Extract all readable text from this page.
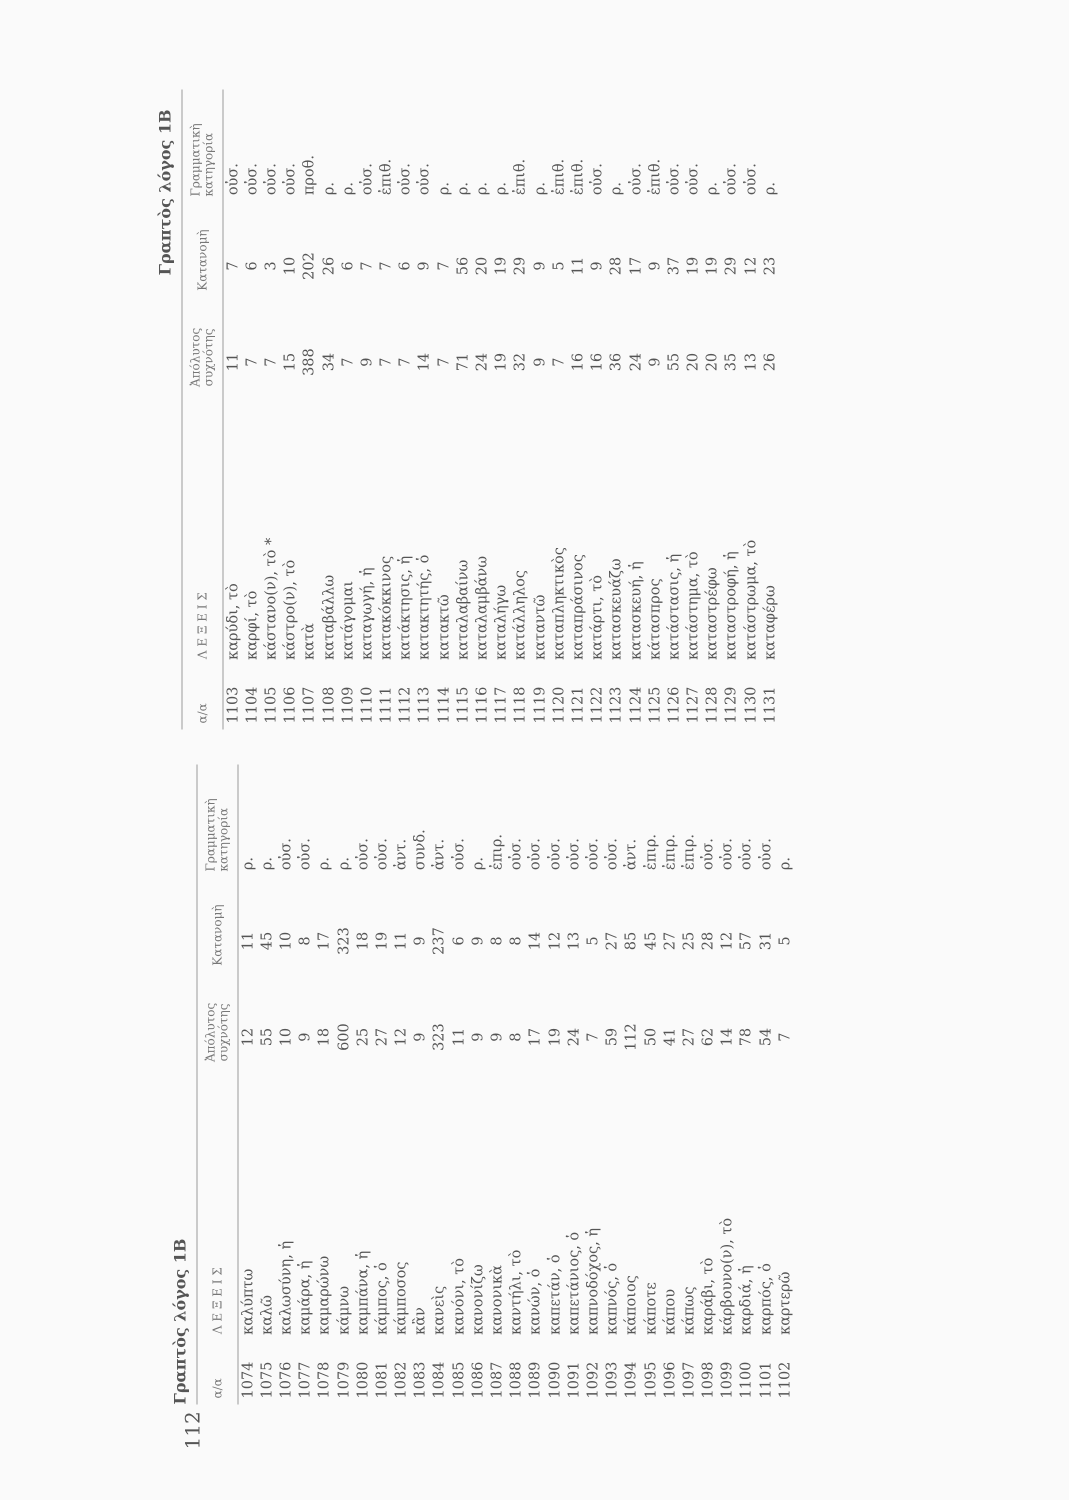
112
Γραπτὸς λόγος 1Β α/α
Λ Ε Ξ Ε Ι Σ
Ἀπόλυτος συχνότης
Κατανομὴ
Γραμματικὴ κατηγορία
1074
καλύπτω
12
11
ρ.
1075
καλῶ
55
45
ρ.
1076
καλωσύνη, ἡ
10
10
οὐσ.
1077
καμάρα, ἡ
9
8
οὐσ.
1078
καμαρώνω
18
17
ρ.
1079
κάμνω
600
323
ρ.
1080
καμπάνα, ἡ
25
18
οὐσ.
1081
κάμπος, ὁ
27
19
οὐσ.
1082
κάμποσος
12
11
ἀντ.
1083
κἂν
9
9
συνδ.
1084
κανεὶς
323
237
ἀντ.
1085
κανόνι, τὸ
11
6
οὐσ.
1086
κανονίζω
9
9
ρ.
1087
κανονικὰ
9
8
ἐπιρ.
1088
καντήλι, τὸ
8
8
οὐσ.
1089
κανών, ὁ
17
14
οὐσ.
1090
καπετάν, ὁ
19
12
οὐσ.
1091
καπετάνιος, ὁ
24
13
οὐσ.
1092
καπνοδόχος, ἡ
7
5
οὐσ.
1093
καπνός, ὁ
59
27
οὐσ.
1094
κάποιος
112
85
ἀντ.
1095
κάποτε
50
45
ἐπιρ.
1096
κάπου
41
27
ἐπιρ.
1097
κάπως
27
25
ἐπιρ.
1098
καράβι, τὸ
62
28
οὐσ.
1099
κάρβουνο(ν), τὸ
14
12
οὐσ.
1100
καρδιά, ἡ
78
57
οὐσ.
1101
καρπός, ὁ
54
31
οὐσ.
1102
καρτερῶ
7
5
ρ.
Γραπτὸς λόγος 1Β
α/α
Λ Ε Ξ Ε Ι Σ
Ἀπόλυτος συχνότης
Κατανομὴ
Γραμματικὴ κατηγορία
1103
καρύδι, τὸ
11
7
οὐσ.
1104
καρφί, τὸ
7
6
οὐσ.
1105
κάστανο(ν), τὸ *
7
3
οὐσ.
1106
κάστρο(ν), τὸ
15
10
οὐσ.
1107
κατὰ
388
202
προθ.
1108
καταβάλλω
34
26
ρ.
1109
κατάγομαι
7
6
ρ.
1110
καταγωγή, ἡ
9
7
οὐσ.
1111
κατακόκκινος
7
7
ἐπιθ.
1112
κατάκτησις, ἡ
7
6
οὐσ.
1113
κατακτητής, ὁ
14
9
οὐσ.
1114
κατακτῶ
7
7
ρ.
1115
καταλαβαίνω
71
56
ρ.
1116
καταλαμβάνω
24
20
ρ.
1117
καταλήγω
19
19
ρ.
1118
κατάλληλος
32
29
ἐπιθ.
1119
καταντῶ
9
9
ρ.
1120
καταπληκτικὸς
7
5
ἐπιθ.
1121
καταπράσινος
16
11
ἐπιθ.
1122
κατάρτι, τὸ
16
9
οὐσ.
1123
κατασκευάζω
36
28
ρ.
1124
κατασκευή, ἡ
24
17
οὐσ.
1125
κάτασπρος
9
9
ἐπιθ.
1126
κατάστασις, ἡ
55
37
οὐσ.
1127
κατάστημα, τὸ
20
19
οὐσ.
1128
καταστρέφω
20
19
ρ.
1129
καταστροφή, ἡ
35
29
οὐσ.
1130
κατάστρωμα, τὸ
13
12
οὐσ.
1131
καταφέρω
26
23
ρ.
